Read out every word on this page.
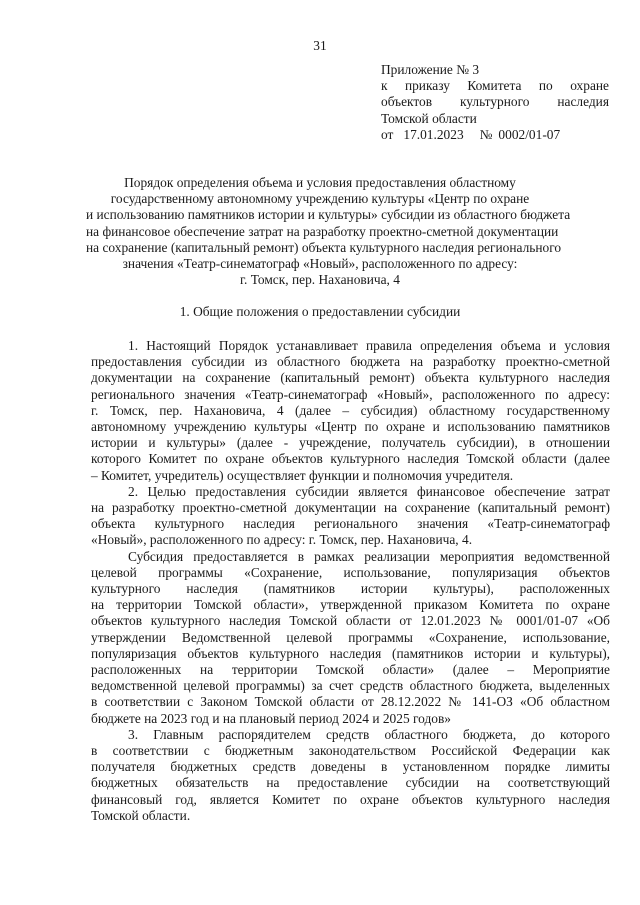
31
Приложение № 3
к приказу Комитета по охране
объектов культурного наследия
Томской области
от 17.01.2023 № 0002/01-07
Порядок определения объема и условия предоставления областному
государственному автономному учреждению культуры «Центр по охране
и использованию памятников истории и культуры» субсидии из областного бюджета
на финансовое обеспечение затрат на разработку проектно-сметной документации
на сохранение (капитальный ремонт) объекта культурного наследия регионального
значения «Театр-синематограф «Новый», расположенного по адресу:
г. Томск, пер. Нахановича, 4
1. Общие положения о предоставлении субсидии
1. Настоящий Порядок устанавливает правила определения объема и условия
предоставления субсидии из областного бюджета на разработку проектно-сметной
документации на сохранение (капитальный ремонт) объекта культурного наследия
регионального значения «Театр-синематограф «Новый», расположенного по адресу:
г. Томск, пер. Нахановича, 4 (далее – субсидия) областному государственному
автономному учреждению культуры «Центр по охране и использованию памятников
истории и культуры» (далее - учреждение, получатель субсидии), в отношении
которого Комитет по охране объектов культурного наследия Томской области (далее
– Комитет, учредитель) осуществляет функции и полномочия учредителя.
2. Целью предоставления субсидии является финансовое обеспечение затрат
на разработку проектно-сметной документации на сохранение (капитальный ремонт)
объекта культурного наследия регионального значения «Театр-синематограф
«Новый», расположенного по адресу: г. Томск, пер. Нахановича, 4.
Субсидия предоставляется в рамках реализации мероприятия ведомственной
целевой программы «Сохранение, использование, популяризация объектов
культурного наследия (памятников истории культуры), расположенных
на территории Томской области», утвержденной приказом Комитета по охране
объектов культурного наследия Томской области от 12.01.2023 № 0001/01-07 «Об
утверждении Ведомственной целевой программы «Сохранение, использование,
популяризация объектов культурного наследия (памятников истории и культуры),
расположенных на территории Томской области» (далее – Мероприятие
ведомственной целевой программы) за счет средств областного бюджета, выделенных
в соответствии с Законом Томской области от 28.12.2022 № 141-ОЗ «Об областном
бюджете на 2023 год и на плановый период 2024 и 2025 годов»
3. Главным распорядителем средств областного бюджета, до которого
в соответствии с бюджетным законодательством Российской Федерации как
получателя бюджетных средств доведены в установленном порядке лимиты
бюджетных обязательств на предоставление субсидии на соответствующий
финансовый год, является Комитет по охране объектов культурного наследия
Томской области.
